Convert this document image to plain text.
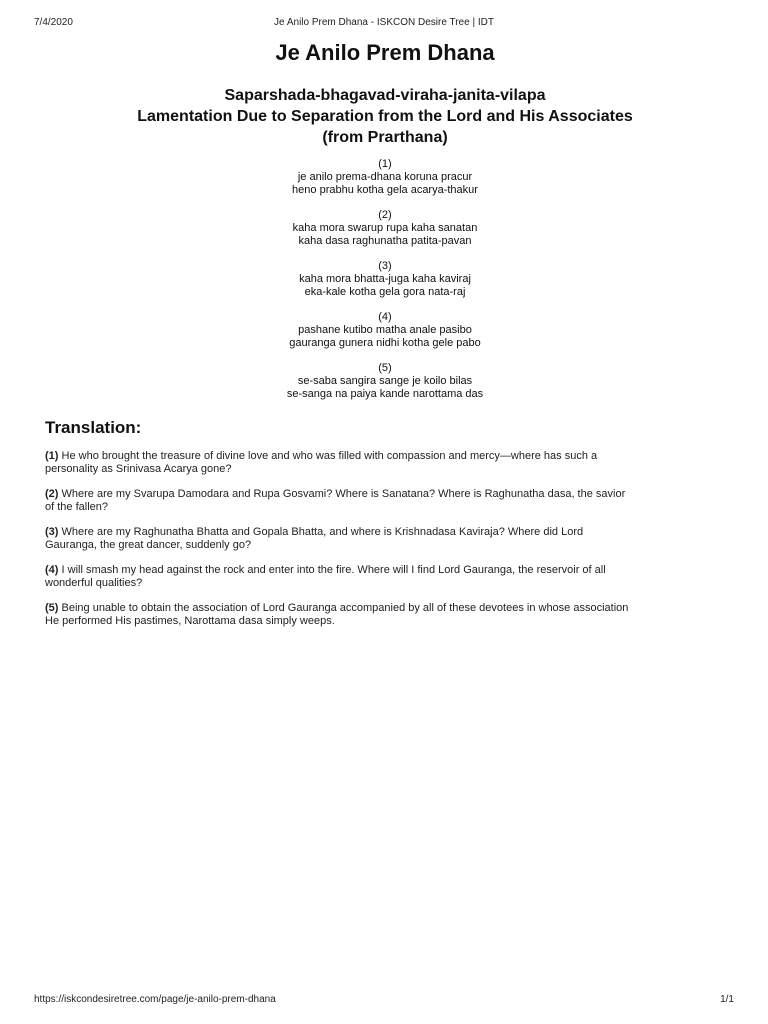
7/4/2020	Je Anilo Prem Dhana - ISKCON Desire Tree | IDT
Je Anilo Prem Dhana
Saparshada-bhagavad-viraha-janita-vilapa
Lamentation Due to Separation from the Lord and His Associates
(from Prarthana)
(1)
je anilo prema-dhana koruna pracur
heno prabhu kotha gela acarya-thakur
(2)
kaha mora swarup rupa kaha sanatan
kaha dasa raghunatha patita-pavan
(3)
kaha mora bhatta-juga kaha kaviraj
eka-kale kotha gela gora nata-raj
(4)
pashane kutibo matha anale pasibo
gauranga gunera nidhi kotha gele pabo
(5)
se-saba sangira sange je koilo bilas
se-sanga na paiya kande narottama das
Translation:

(1) He who brought the treasure of divine love and who was filled with compassion and mercy—where has such a personality as Srinivasa Acarya gone?

(2) Where are my Svarupa Damodara and Rupa Gosvami? Where is Sanatana? Where is Raghunatha dasa, the savior of the fallen?

(3) Where are my Raghunatha Bhatta and Gopala Bhatta, and where is Krishnadasa Kaviraja? Where did Lord Gauranga, the great dancer, suddenly go?

(4) I will smash my head against the rock and enter into the fire. Where will I find Lord Gauranga, the reservoir of all wonderful qualities?

(5) Being unable to obtain the association of Lord Gauranga accompanied by all of these devotees in whose association He performed His pastimes, Narottama dasa simply weeps.

https://iskcondesiretree.com/page/je-anilo-prem-dhana	1/1
